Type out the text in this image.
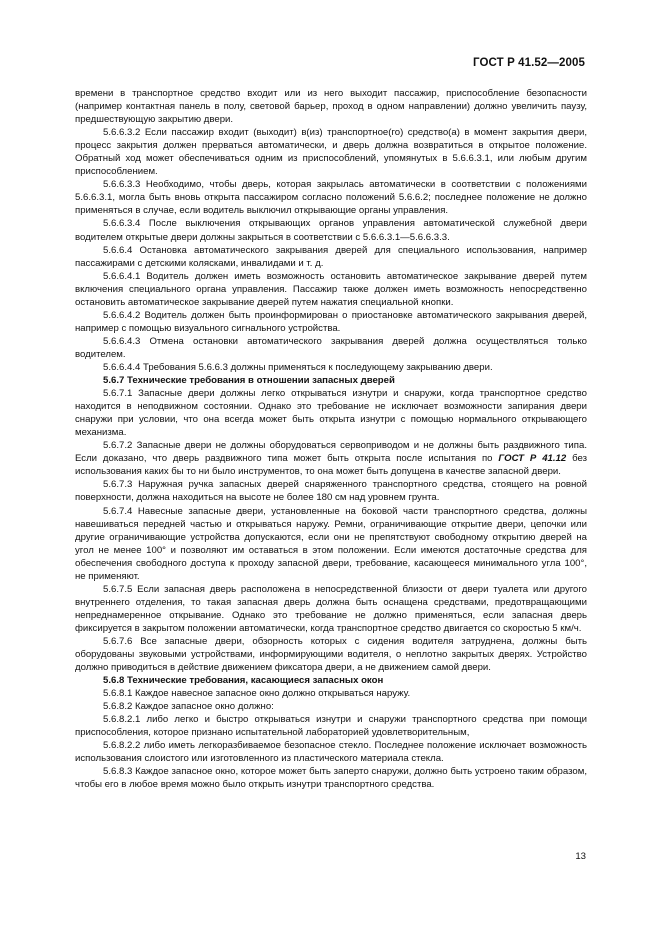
ГОСТ Р 41.52—2005

времени в транспортное средство входит или из него выходит пассажир, приспособление безопасности (например контактная панель в полу, световой барьер, проход в одном направлении) должно увеличить паузу, предшествующую закрытию двери.

5.6.6.3.2 Если пассажир входит (выходит) в(из) транспортное(го) средство(а) в момент закрытия двери, процесс закрытия должен прерваться автоматически, и дверь должна возвратиться в открытое положение. Обратный ход может обеспечиваться одним из приспособлений, упомянутых в 5.6.6.3.1, или любым другим приспособлением.

5.6.6.3.3 Необходимо, чтобы дверь, которая закрылась автоматически в соответствии с положениями 5.6.6.3.1, могла быть вновь открыта пассажиром согласно положений 5.6.6.2; последнее положение не должно применяться в случае, если водитель выключил открывающие органы управления.

5.6.6.3.4 После выключения открывающих органов управления автоматической служебной двери водителем открытые двери должны закрыться в соответствии с 5.6.6.3.1—5.6.6.3.3.

5.6.6.4 Остановка автоматического закрывания дверей для специального использования, например пассажирами с детскими колясками, инвалидами и т. д.

5.6.6.4.1 Водитель должен иметь возможность остановить автоматическое закрывание дверей путем включения специального органа управления. Пассажир также должен иметь возможность непосредственно остановить автоматическое закрывание дверей путем нажатия специальной кнопки.

5.6.6.4.2 Водитель должен быть проинформирован о приостановке автоматического закрывания дверей, например с помощью визуального сигнального устройства.

5.6.6.4.3 Отмена остановки автоматического закрывания дверей должна осуществляться только водителем.

5.6.6.4.4 Требования 5.6.6.3 должны применяться к последующему закрыванию двери.

5.6.7 Технические требования в отношении запасных дверей

5.6.7.1 Запасные двери должны легко открываться изнутри и снаружи, когда транспортное средство находится в неподвижном состоянии. Однако это требование не исключает возможности запирания двери снаружи при условии, что она всегда может быть открыта изнутри с помощью нормального открывающего механизма.

5.6.7.2 Запасные двери не должны оборудоваться сервоприводом и не должны быть раздвижного типа. Если доказано, что дверь раздвижного типа может быть открыта после испытания по ГОСТ Р 41.12 без использования каких бы то ни было инструментов, то она может быть допущена в качестве запасной двери.

5.6.7.3 Наружная ручка запасных дверей снаряженного транспортного средства, стоящего на ровной поверхности, должна находиться на высоте не более 180 см над уровнем грунта.

5.6.7.4 Навесные запасные двери, установленные на боковой части транспортного средства, должны навешиваться передней частью и открываться наружу. Ремни, ограничивающие открытие двери, цепочки или другие ограничивающие устройства допускаются, если они не препятствуют свободному открытию дверей на угол не менее 100° и позволяют им оставаться в этом положении. Если имеются достаточные средства для обеспечения свободного доступа к проходу запасной двери, требование, касающееся минимального угла 100°, не применяют.

5.6.7.5 Если запасная дверь расположена в непосредственной близости от двери туалета или другого внутреннего отделения, то такая запасная дверь должна быть оснащена средствами, предотвращающими непреднамеренное открывание. Однако это требование не должно применяться, если запасная дверь фиксируется в закрытом положении автоматически, когда транспортное средство двигается со скоростью 5 км/ч.

5.6.7.6 Все запасные двери, обзорность которых с сидения водителя затруднена, должны быть оборудованы звуковыми устройствами, информирующими водителя, о неплотно закрытых дверях. Устройство должно приводиться в действие движением фиксатора двери, а не движением самой двери.

5.6.8 Технические требования, касающиеся запасных окон

5.6.8.1 Каждое навесное запасное окно должно открываться наружу.

5.6.8.2 Каждое запасное окно должно:

5.6.8.2.1 либо легко и быстро открываться изнутри и снаружи транспортного средства при помощи приспособления, которое признано испытательной лабораторией удовлетворительным,

5.6.8.2.2 либо иметь легкоразбиваемое безопасное стекло. Последнее положение исключает возможность использования слоистого или изготовленного из пластического материала стекла.

5.6.8.3 Каждое запасное окно, которое может быть заперто снаружи, должно быть устроено таким образом, чтобы его в любое время можно было открыть изнутри транспортного средства.

13
